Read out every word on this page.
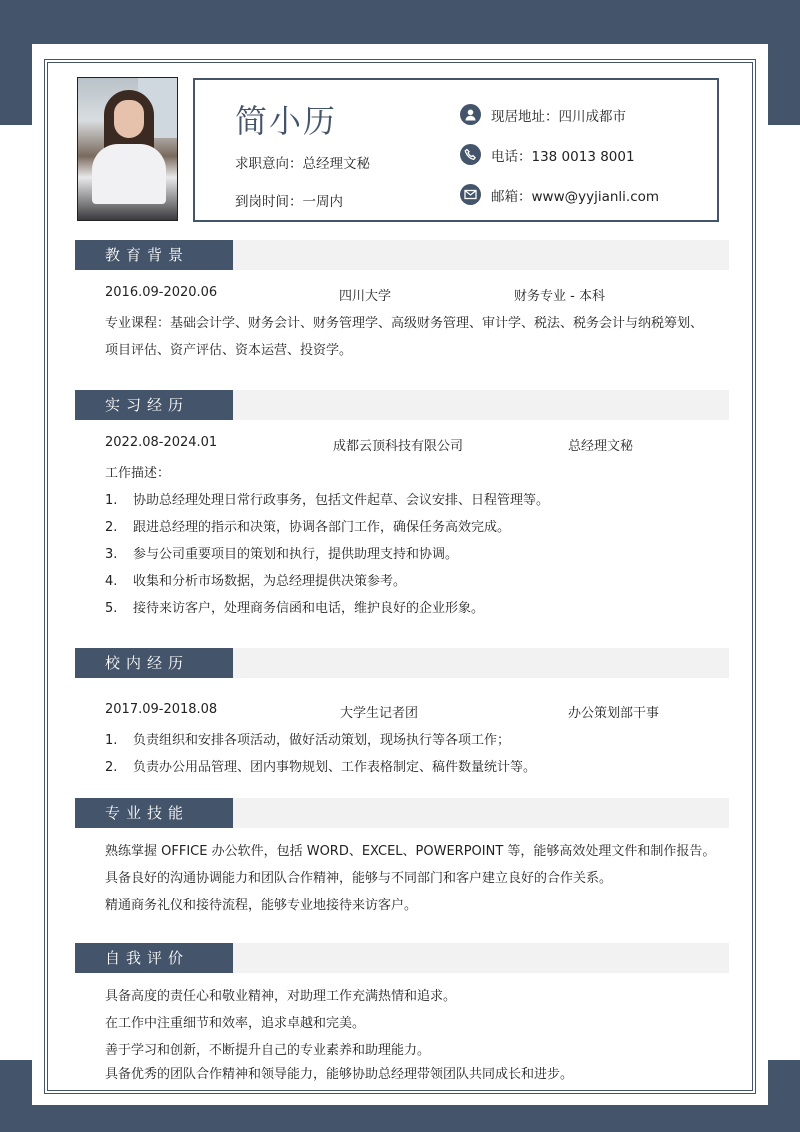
简小历
求职意向：总经理文秘
到岗时间：一周内
现居地址：四川成都市
电话：138 0013 8001
邮箱：www@yyjianli.com
教育背景
2016.09-2020.06	四川大学	财务专业 - 本科
专业课程：基础会计学、财务会计、财务管理学、高级财务管理、审计学、税法、税务会计与纳税筹划、
项目评估、资产评估、资本运营、投资学。
实习经历
2022.08-2024.01	成都云顶科技有限公司	总经理文秘
工作描述：
1. 协助总经理处理日常行政事务，包括文件起草、会议安排、日程管理等。
2. 跟进总经理的指示和决策，协调各部门工作，确保任务高效完成。
3. 参与公司重要项目的策划和执行，提供助理支持和协调。
4. 收集和分析市场数据，为总经理提供决策参考。
5. 接待来访客户，处理商务信函和电话，维护良好的企业形象。
校内经历
2017.09-2018.08	大学生记者团	办公策划部干事
1. 负责组织和安排各项活动，做好活动策划，现场执行等各项工作；
2. 负责办公用品管理、团内事物规划、工作表格制定、稿件数量统计等。
专业技能
熟练掌握 OFFICE 办公软件，包括 WORD、EXCEL、POWERPOINT 等，能够高效处理文件和制作报告。
具备良好的沟通协调能力和团队合作精神，能够与不同部门和客户建立良好的合作关系。
精通商务礼仪和接待流程，能够专业地接待来访客户。
自我评价
具备高度的责任心和敬业精神，对助理工作充满热情和追求。
在工作中注重细节和效率，追求卓越和完美。
善于学习和创新，不断提升自己的专业素养和助理能力。
具备优秀的团队合作精神和领导能力，能够协助总经理带领团队共同成长和进步。
